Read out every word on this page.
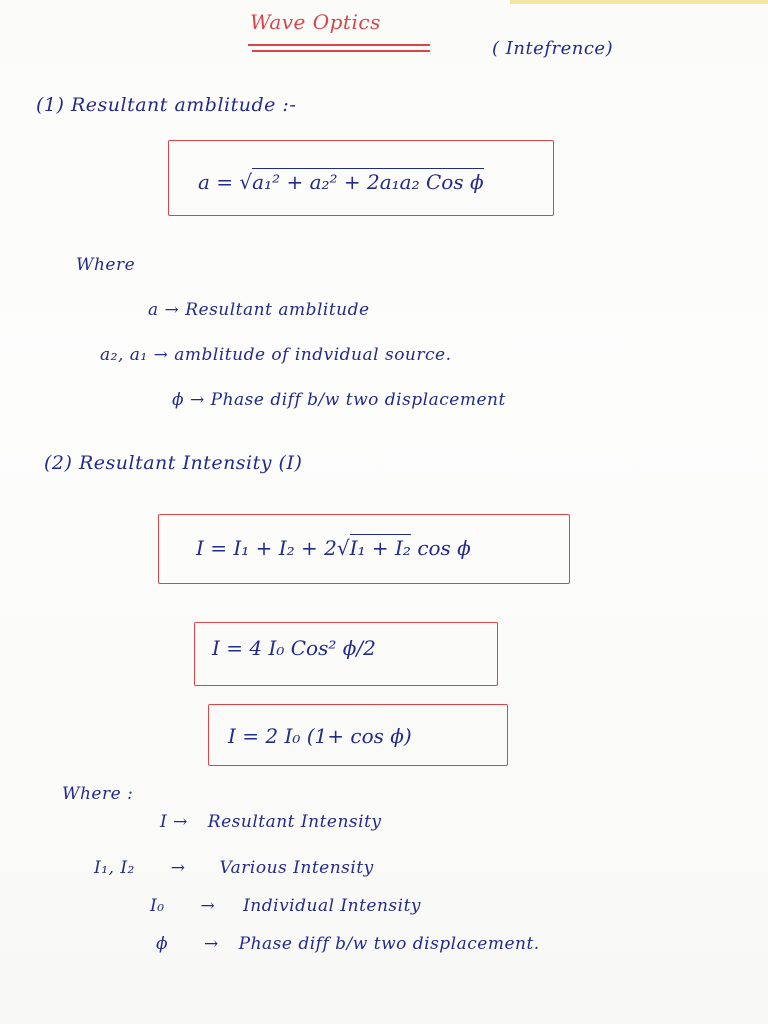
Wave Optics
( Intefrence)
(1) Resultant amblitude :-
a = √a₁² + a₂² + 2a₁a₂ Cos ϕ
Where
a → Resultant amblitude
a₂, a₁ → amblitude of indvidual source.
ϕ → Phase diff b/w two displacement
(2) Resultant Intensity (I)
I = I₁ + I₂ + 2√I₁ + I₂ cos ϕ
I = 4 I₀ Cos² ϕ/2
I = 2 I₀ (1+ cos ϕ)
Where :
I → Resultant Intensity
I₁, I₂ → Various Intensity
I₀ → Individual Intensity
ϕ → Phase diff b/w two displacement.
